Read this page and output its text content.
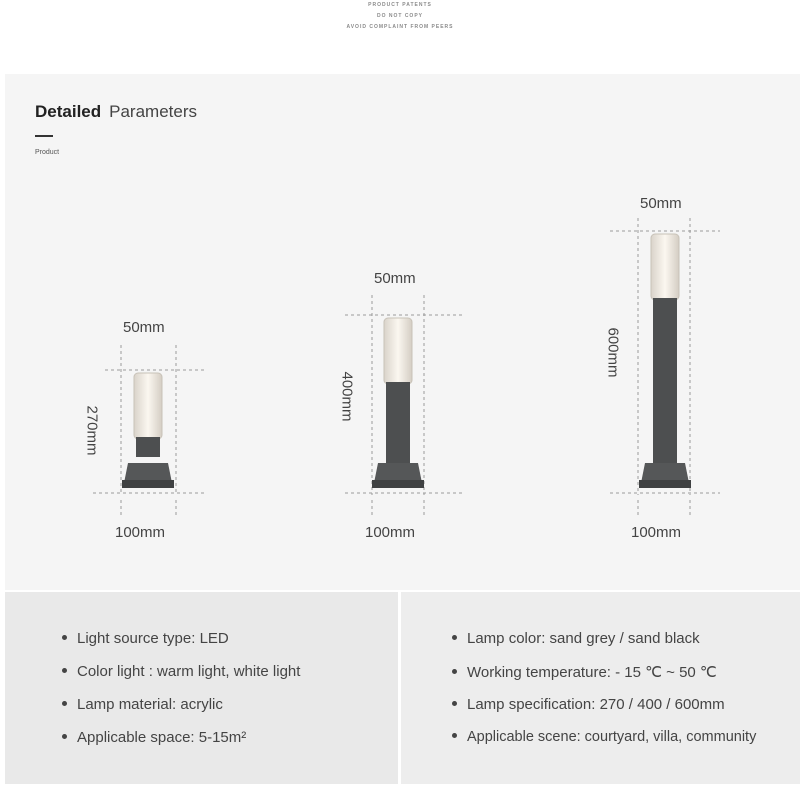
PRODUCT PATENTS
DO NOT COPY
AVOID COMPLAINT FROM PEERS
Detailed Parameters
Product
50mm
270mm
100mm
50mm
400mm
100mm
50mm
600mm
100mm
Light source type: LED
Color light : warm light, white light
Lamp material: acrylic
Applicable space: 5-15m²
Lamp color: sand grey / sand black
Working temperature: - 15 ℃ ~ 50 ℃
Lamp specification: 270 / 400 / 600mm
Applicable scene: courtyard, villa, community
